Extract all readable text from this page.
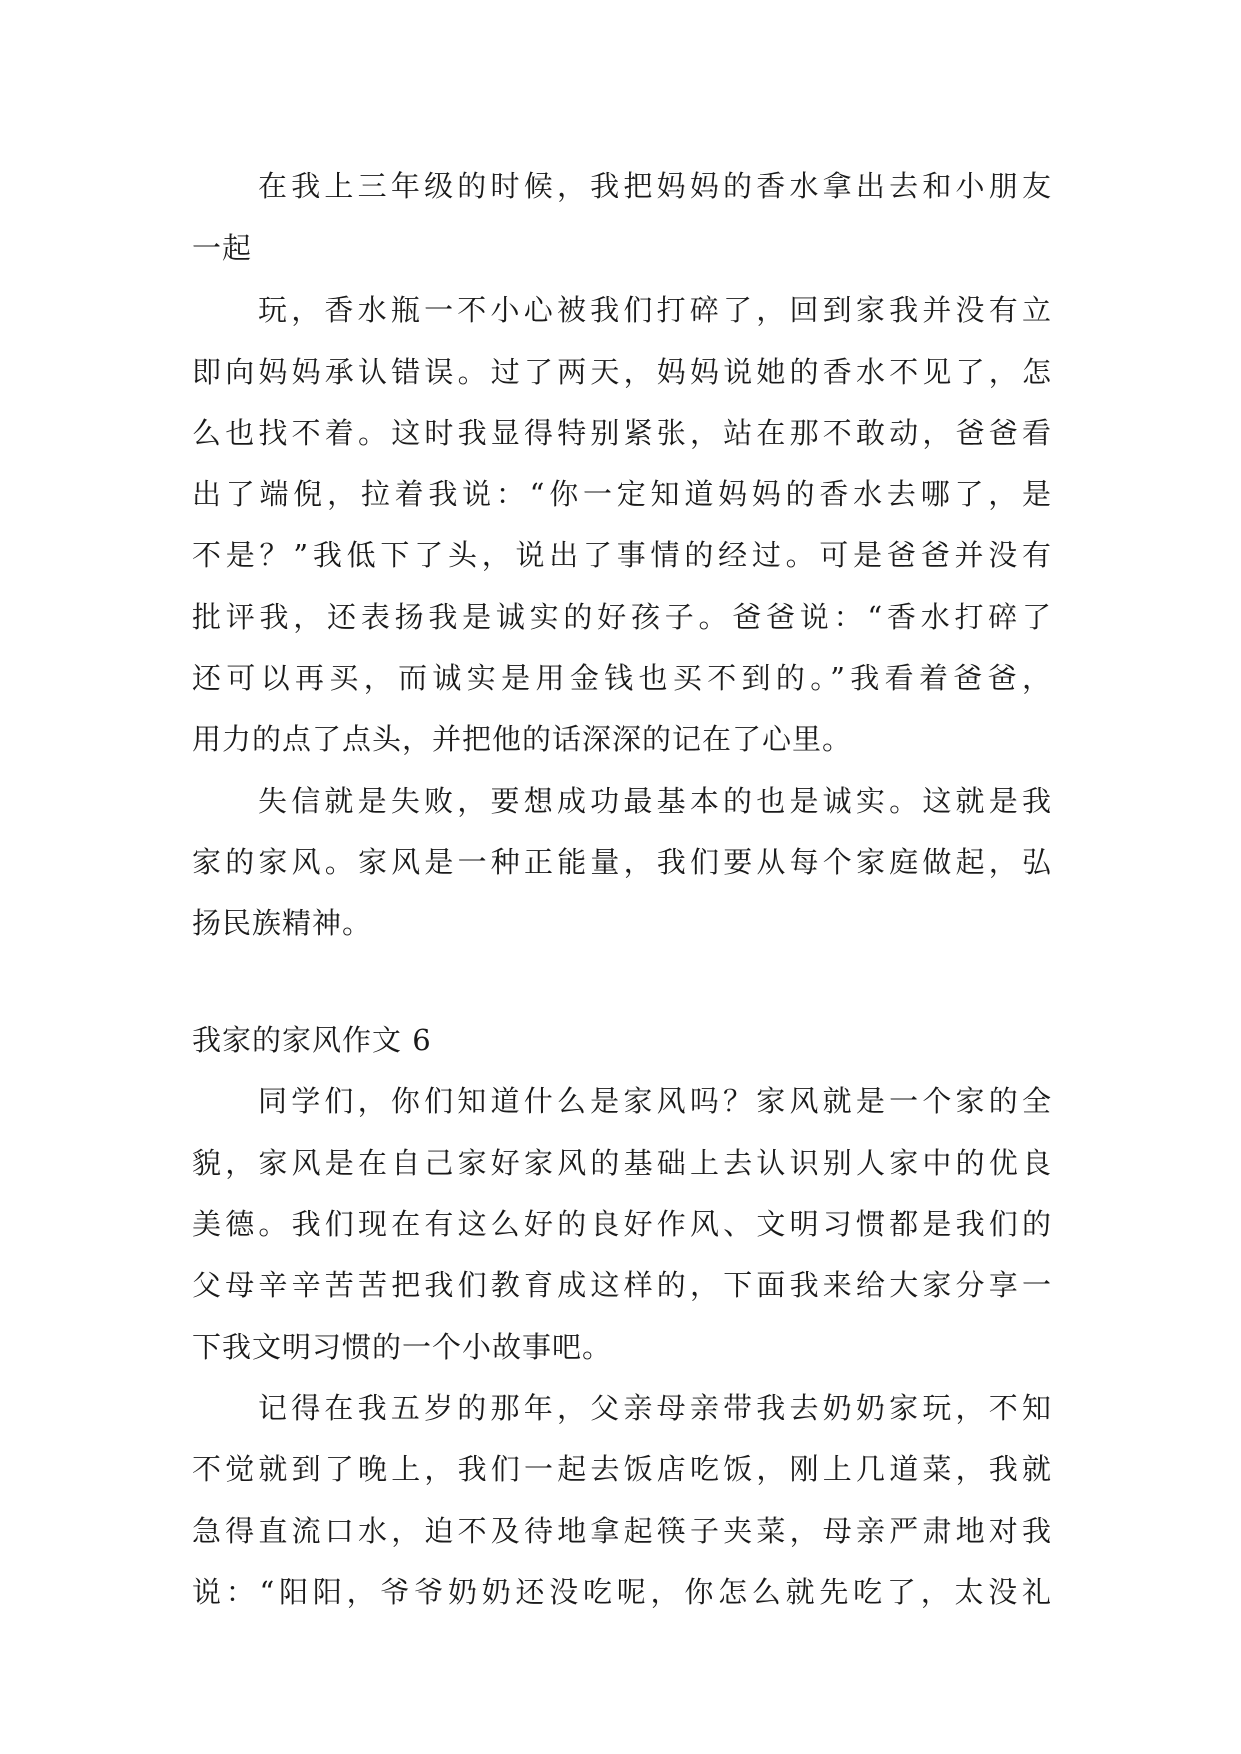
在我上三年级的时候，我把妈妈的香水拿出去和小朋友
一起
玩，香水瓶一不小心被我们打碎了，回到家我并没有立
即向妈妈承认错误。过了两天，妈妈说她的香水不见了，怎
么也找不着。这时我显得特别紧张，站在那不敢动，爸爸看
出了端倪，拉着我说：“你一定知道妈妈的香水去哪了，是
不是？”我低下了头，说出了事情的经过。可是爸爸并没有
批评我，还表扬我是诚实的好孩子。爸爸说：“香水打碎了
还可以再买，而诚实是用金钱也买不到的。”我看着爸爸，
用力的点了点头，并把他的话深深的记在了心里。
失信就是失败，要想成功最基本的也是诚实。这就是我
家的家风。家风是一种正能量，我们要从每个家庭做起，弘
扬民族精神。
我家的家风作文 6
同学们，你们知道什么是家风吗？家风就是一个家的全
貌，家风是在自己家好家风的基础上去认识别人家中的优良
美德。我们现在有这么好的良好作风、文明习惯都是我们的
父母辛辛苦苦把我们教育成这样的，下面我来给大家分享一
下我文明习惯的一个小故事吧。
记得在我五岁的那年，父亲母亲带我去奶奶家玩，不知
不觉就到了晚上，我们一起去饭店吃饭，刚上几道菜，我就
急得直流口水，迫不及待地拿起筷子夹菜，母亲严肃地对我
说：“阳阳，爷爷奶奶还没吃呢，你怎么就先吃了，太没礼
